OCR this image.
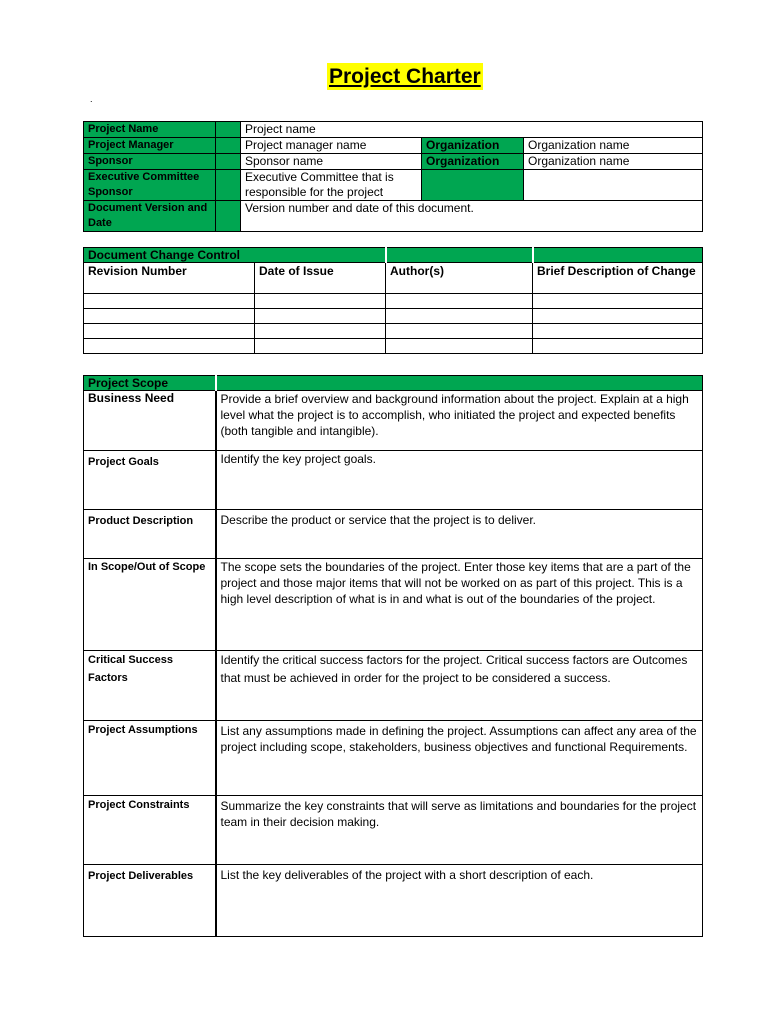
Project Charter
.
Project Name		Project name		
Project Manager		Project manager name	Organization	Organization name
Sponsor		Sponsor name	Organization	Organization name
Executive Committee Sponsor		Executive Committee that is responsible for the project		
Document Version and Date		Version number and date of this document.		
Document Change Control			
Revision Number	Date of Issue	Author(s)	Brief Description of Change

Project Scope	
Business Need	Provide a brief overview and background information about the project. Explain at a high level what the project is to accomplish, who initiated the project and expected benefits (both tangible and intangible).
Project Goals	Identify the key project goals.
Product Description	Describe the product or service that the project is to deliver.
In Scope/Out of Scope	The scope sets the boundaries of the project. Enter those key items that are a part of the project and those major items that will not be worked on as part of this project. This is a high level description of what is in and what is out of the boundaries of the project.
Critical Success Factors	Identify the critical success factors for the project. Critical success factors are Outcomes that must be achieved in order for the project to be considered a success.
Project Assumptions	List any assumptions made in defining the project. Assumptions can affect any area of the project including scope, stakeholders, business objectives and functional Requirements.
Project Constraints	Summarize the key constraints that will serve as limitations and boundaries for the project team in their decision making.
Project Deliverables	List the key deliverables of the project with a short description of each.
